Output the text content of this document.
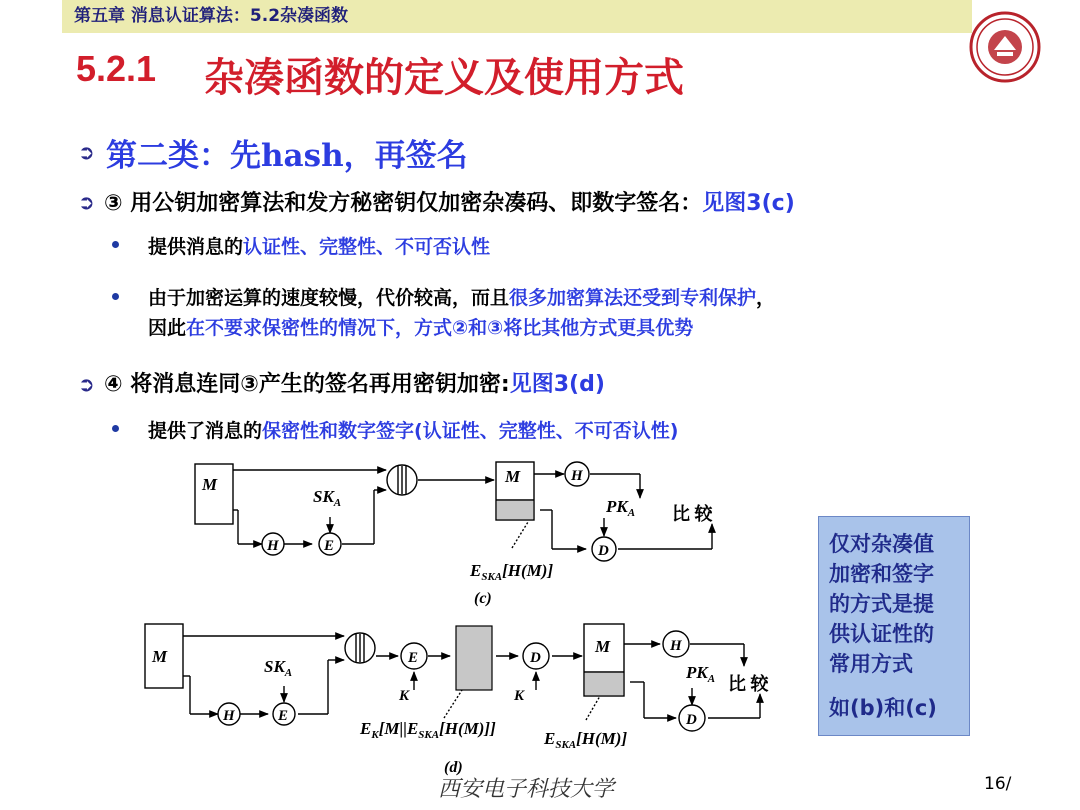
第五章 消息认证算法：5.2杂凑函数
5.2.1 杂凑函数的定义及使用方式
➲ 第二类：先hash，再签名
➲ ③ 用公钥加密算法和发方秘密钥仅加密杂凑码、即数字签名：见图3(c)
提供消息的认证性、完整性、不可否认性
由于加密运算的速度较慢，代价较高，而且很多加密算法还受到专利保护，
因此在不要求保密性的情况下，方式②和③将比其他方式更具优势
➲ ④ 将消息连同③产生的签名再用密钥加密:见图3(d)
提供了消息的保密性和数字签字(认证性、完整性、不可否认性)
M
H	E
M	H
D
$SK_A$	$PK_A$
$E_{SKA}[H(M)]$
(c)
比 较
M
H	E
$SK_A$
E	D
K	K
M	H
D
$PK_A$
$E_K[M||E_{SKA}[H(M)]]$
$E_{SKA}[H(M)]$
(d)
比 较
仅对杂凑值
加密和签字
的方式是提
供认证性的
常用方式
如(b)和(c)
西安电子科技大学	16/
